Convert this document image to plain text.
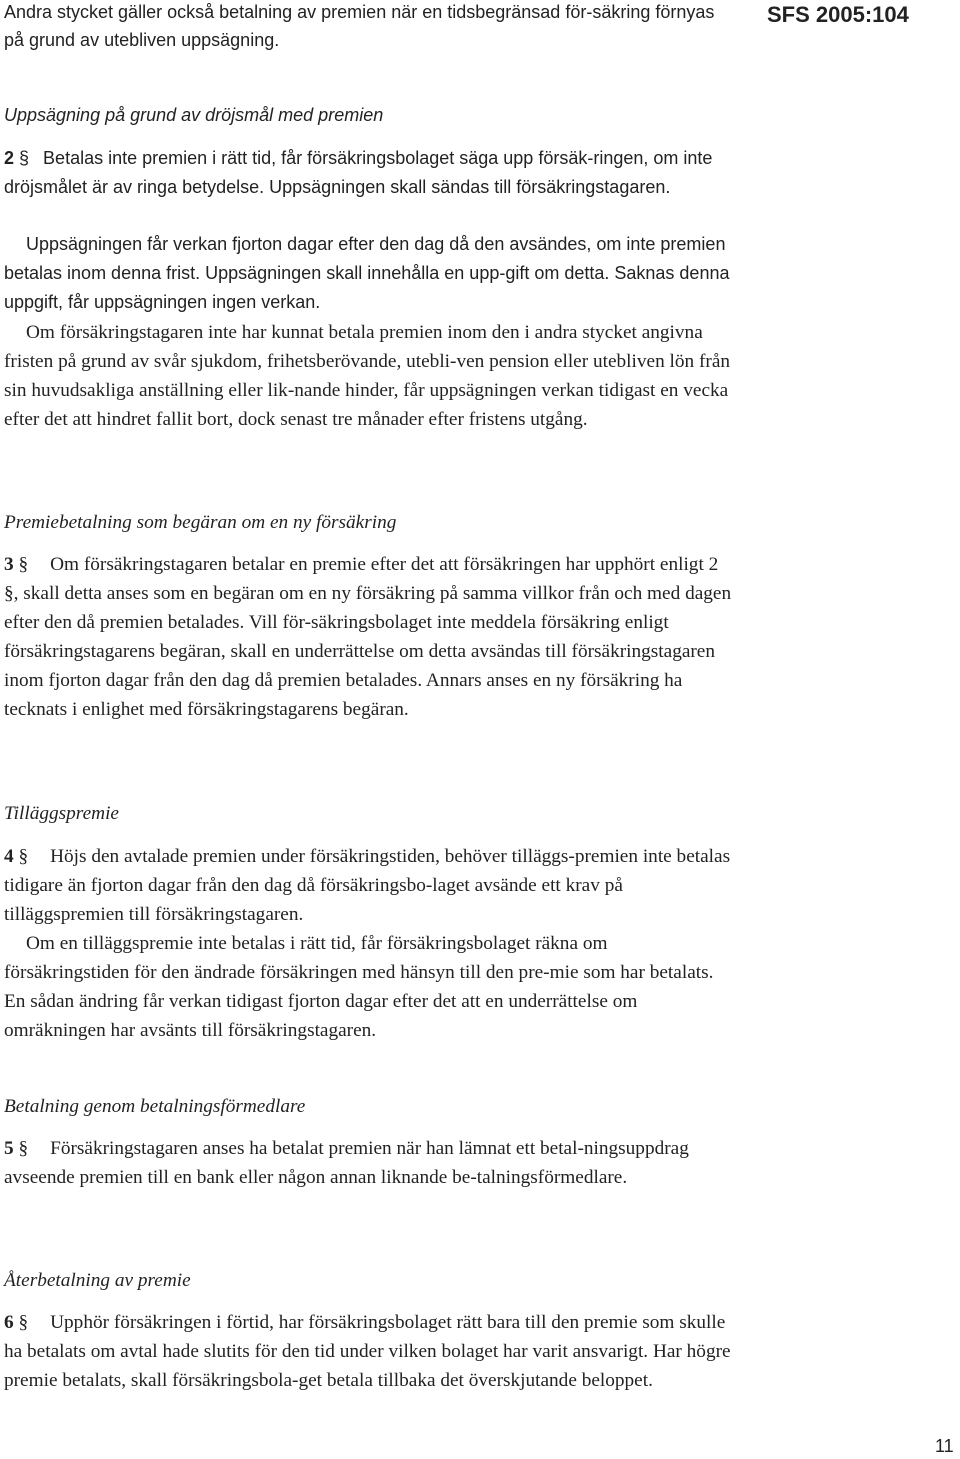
Andra stycket gäller också betalning av premien när en tidsbegränsad för-säkring förnyas på grund av utebliven uppsägning.

SFS 2005:104

Uppsägning på grund av dröjsmål med premien

2 § Betalas inte premien i rätt tid, får försäkringsbolaget säga upp försäk-ringen, om inte dröjsmålet är av ringa betydelse. Uppsägningen skall sändas till försäkringstagaren.

Uppsägningen får verkan fjorton dagar efter den dag då den avsändes, om inte premien betalas inom denna frist. Uppsägningen skall innehålla en upp-gift om detta. Saknas denna uppgift, får uppsägningen ingen verkan.

Om försäkringstagaren inte har kunnat betala premien inom den i andra stycket angivna fristen på grund av svår sjukdom, frihetsberövande, utebli-ven pension eller utebliven lön från sin huvudsakliga anställning eller lik-nande hinder, får uppsägningen verkan tidigast en vecka efter det att hindret fallit bort, dock senast tre månader efter fristens utgång.

Premiebetalning som begäran om en ny försäkring

3 § Om försäkringstagaren betalar en premie efter det att försäkringen har upphört enligt 2 §, skall detta anses som en begäran om en ny försäkring på samma villkor från och med dagen efter den då premien betalades. Vill för-säkringsbolaget inte meddela försäkring enligt försäkringstagarens begäran, skall en underrättelse om detta avsändas till försäkringstagaren inom fjorton dagar från den dag då premien betalades. Annars anses en ny försäkring ha tecknats i enlighet med försäkringstagarens begäran.

Tilläggspremie

4 § Höjs den avtalade premien under försäkringstiden, behöver tilläggs-premien inte betalas tidigare än fjorton dagar från den dag då försäkringsbo-laget avsände ett krav på tilläggspremien till försäkringstagaren.

Om en tilläggspremie inte betalas i rätt tid, får försäkringsbolaget räkna om försäkringstiden för den ändrade försäkringen med hänsyn till den pre-mie som har betalats. En sådan ändring får verkan tidigast fjorton dagar efter det att en underrättelse om omräkningen har avsänts till försäkringstagaren.

Betalning genom betalningsförmedlare

5 § Försäkringstagaren anses ha betalat premien när han lämnat ett betal-ningsuppdrag avseende premien till en bank eller någon annan liknande be-talningsförmedlare.

Återbetalning av premie

6 § Upphör försäkringen i förtid, har försäkringsbolaget rätt bara till den premie som skulle ha betalats om avtal hade slutits för den tid under vilken bolaget har varit ansvarigt. Har högre premie betalats, skall försäkringsbola-get betala tillbaka det överskjutande beloppet.

11
